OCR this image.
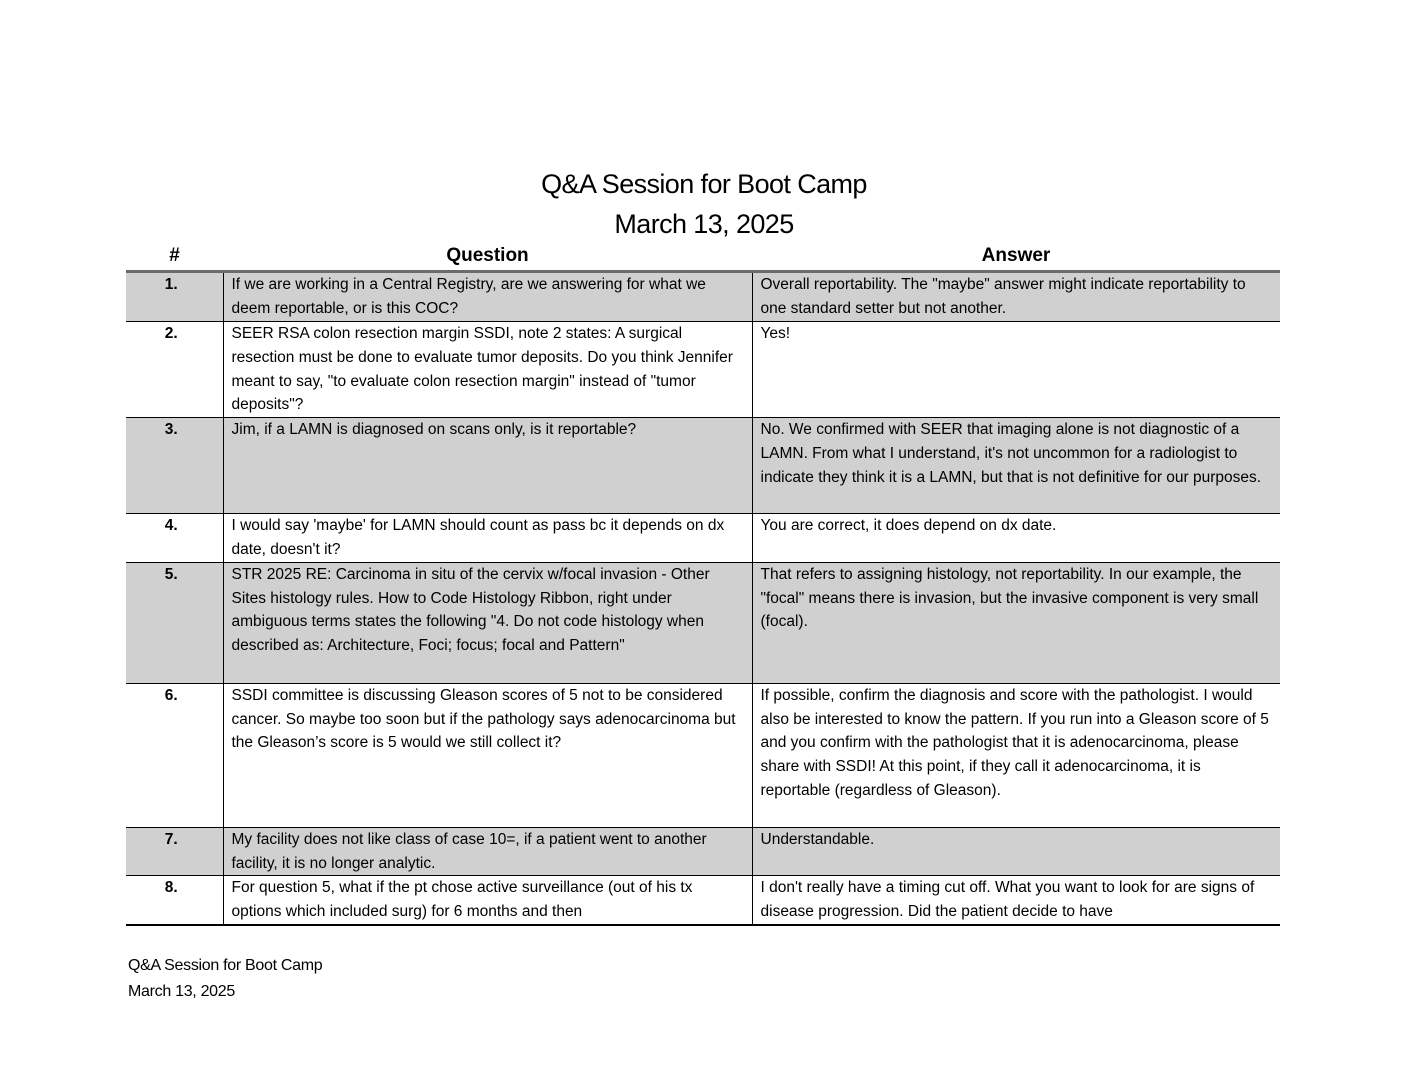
Q&A Session for Boot Camp
March 13, 2025
#	Question	Answer
1.	If we are working in a Central Registry, are we answering for what we deem reportable, or is this COC?	Overall reportability. The "maybe" answer might indicate reportability to one standard setter but not another.
2.	SEER RSA colon resection margin SSDI, note 2 states: A surgical resection must be done to evaluate tumor deposits. Do you think Jennifer meant to say, "to evaluate colon resection margin" instead of "tumor deposits"?	Yes!
3.	Jim, if a LAMN is diagnosed on scans only, is it reportable?	No. We confirmed with SEER that imaging alone is not diagnostic of a LAMN. From what I understand, it's not uncommon for a radiologist to indicate they think it is a LAMN, but that is not definitive for our purposes.
4.	I would say 'maybe' for LAMN should count as pass bc it depends on dx date, doesn't it?	You are correct, it does depend on dx date.
5.	STR 2025 RE: Carcinoma in situ of the cervix w/focal invasion - Other Sites histology rules. How to Code Histology Ribbon, right under ambiguous terms states the following "4. Do not code histology when described as: Architecture, Foci; focus; focal and Pattern"	That refers to assigning histology, not reportability. In our example, the "focal" means there is invasion, but the invasive component is very small (focal).
6.	SSDI committee is discussing Gleason scores of 5 not to be considered cancer. So maybe too soon but if the pathology says adenocarcinoma but the Gleason’s score is 5 would we still collect it?	If possible, confirm the diagnosis and score with the pathologist. I would also be interested to know the pattern. If you run into a Gleason score of 5 and you confirm with the pathologist that it is adenocarcinoma, please share with SSDI! At this point, if they call it adenocarcinoma, it is reportable (regardless of Gleason).
7.	My facility does not like class of case 10=, if a patient went to another facility, it is no longer analytic.	Understandable.
8.	For question 5, what if the pt chose active surveillance (out of his tx options which included surg) for 6 months and then	I don't really have a timing cut off. What you want to look for are signs of disease progression. Did the patient decide to have
Q&A Session for Boot Camp
March 13, 2025
